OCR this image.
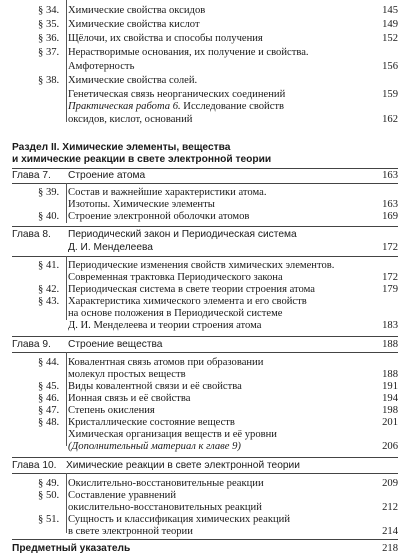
§ 34. Химические свойства оксидов	145
§ 35. Химические свойства кислот	149
§ 36. Щёлочи, их свойства и способы получения	152
§ 37. Нерастворимые основания, их получение и свойства.
Амфотерность	156
§ 38. Химические свойства солей.
Генетическая связь неорганических соединений	159
Практическая работа 6. Исследование свойств
оксидов, кислот, оснований	162
Раздел II. Химические элементы, вещества
и химические реакции в свете электронной теории
Глава 7. Строение атома	163
§ 39. Состав и важнейшие характеристики атома.
Изотопы. Химические элементы	163
§ 40. Строение электронной оболочки атомов	169
Глава 8. Периодический закон и Периодическая система
Д. И. Менделеева	172
§ 41. Периодические изменения свойств химических элементов.
Современная трактовка Периодического закона	172
§ 42. Периодическая система в свете теории строения атома	179
§ 43. Характеристика химического элемента и его свойств
на основе положения в Периодической системе
Д. И. Менделеева и теории строения атома	183
Глава 9. Строение вещества	188
§ 44. Ковалентная связь атомов при образовании
молекул простых веществ	188
§ 45. Виды ковалентной связи и её свойства	191
§ 46. Ионная связь и её свойства	194
§ 47. Степень окисления	198
§ 48. Кристаллические состояние веществ	201
Химическая организация веществ и её уровни
(Дополнительный материал к главе 9)	206
Глава 10. Химические реакции в свете электронной теории
§ 49. Окислительно-восстановительные реакции	209
§ 50. Составление уравнений
окислительно-восстановительных реакций	212
§ 51. Сущность и классификация химических реакций
в свете электронной теории	214
Предметный указатель	218
